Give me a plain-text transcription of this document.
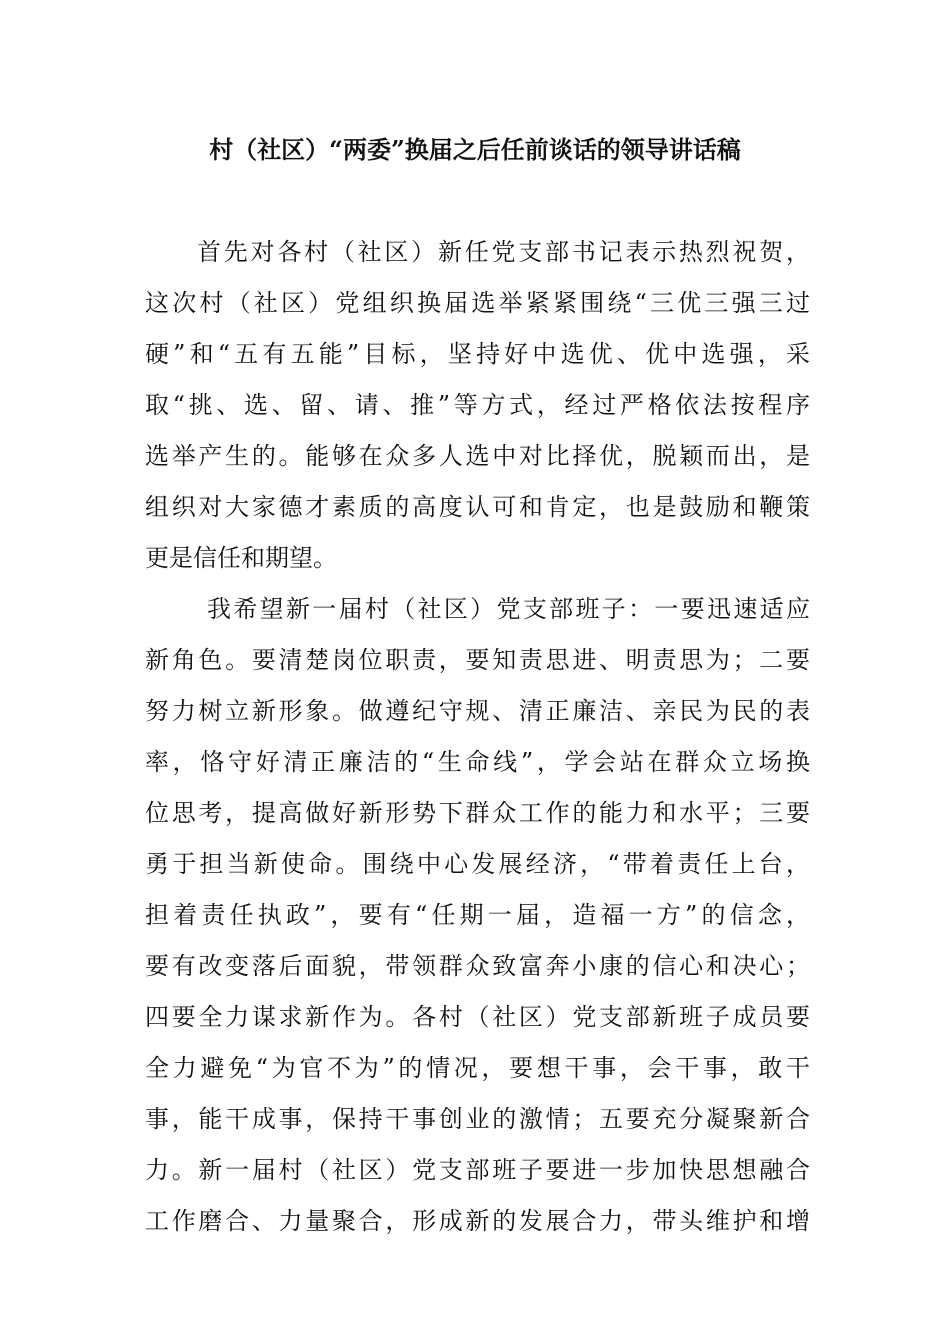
村（社区）“两委”换届之后任前谈话的领导讲话稿
首先对各村（社区）新任党支部书记表示热烈祝贺，
这次村（社区）党组织换届选举紧紧围绕“三优三强三过
硬”和“五有五能”目标，坚持好中选优、优中选强，采
取“挑、选、留、请、推”等方式，经过严格依法按程序
选举产生的。能够在众多人选中对比择优，脱颖而出，是
组织对大家德才素质的高度认可和肯定，也是鼓励和鞭策
更是信任和期望。
我希望新一届村（社区）党支部班子：一要迅速适应
新角色。要清楚岗位职责，要知责思进、明责思为；二要
努力树立新形象。做遵纪守规、清正廉洁、亲民为民的表
率，恪守好清正廉洁的“生命线”，学会站在群众立场换
位思考，提高做好新形势下群众工作的能力和水平；三要
勇于担当新使命。围绕中心发展经济，“带着责任上台，
担着责任执政”，要有“任期一届，造福一方”的信念，
要有改变落后面貌，带领群众致富奔小康的信心和决心；
四要全力谋求新作为。各村（社区）党支部新班子成员要
全力避免“为官不为”的情况，要想干事，会干事，敢干
事，能干成事，保持干事创业的激情；五要充分凝聚新合
力。新一届村（社区）党支部班子要进一步加快思想融合
工作磨合、力量聚合，形成新的发展合力，带头维护和增
